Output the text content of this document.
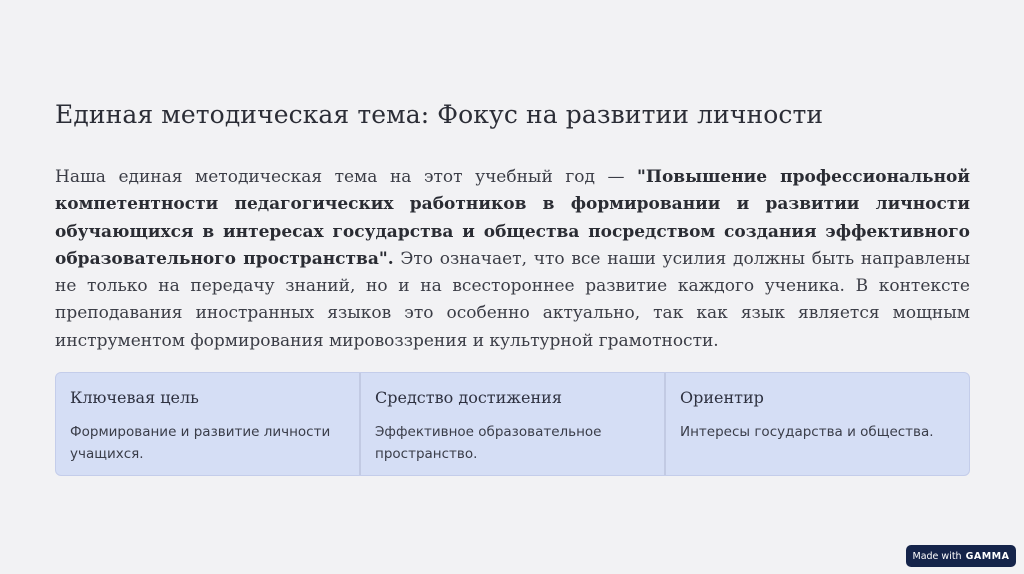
Единая методическая тема: Фокус на развитии личности

Наша единая методическая тема на этот учебный год — "Повышение профессиональной компетентности педагогических работников в формировании и развитии личности обучающихся в интересах государства и общества посредством создания эффективного образовательного пространства". Это означает, что все наши усилия должны быть направлены не только на передачу знаний, но и на всестороннее развитие каждого ученика. В контексте преподавания иностранных языков это особенно актуально, так как язык является мощным инструментом формирования мировоззрения и культурной грамотности.

Ключевая цель

Формирование и развитие личности учащихся.

Средство достижения

Эффективное образовательное пространство.

Ориентир

Интересы государства и общества.

Made with GAMMA
